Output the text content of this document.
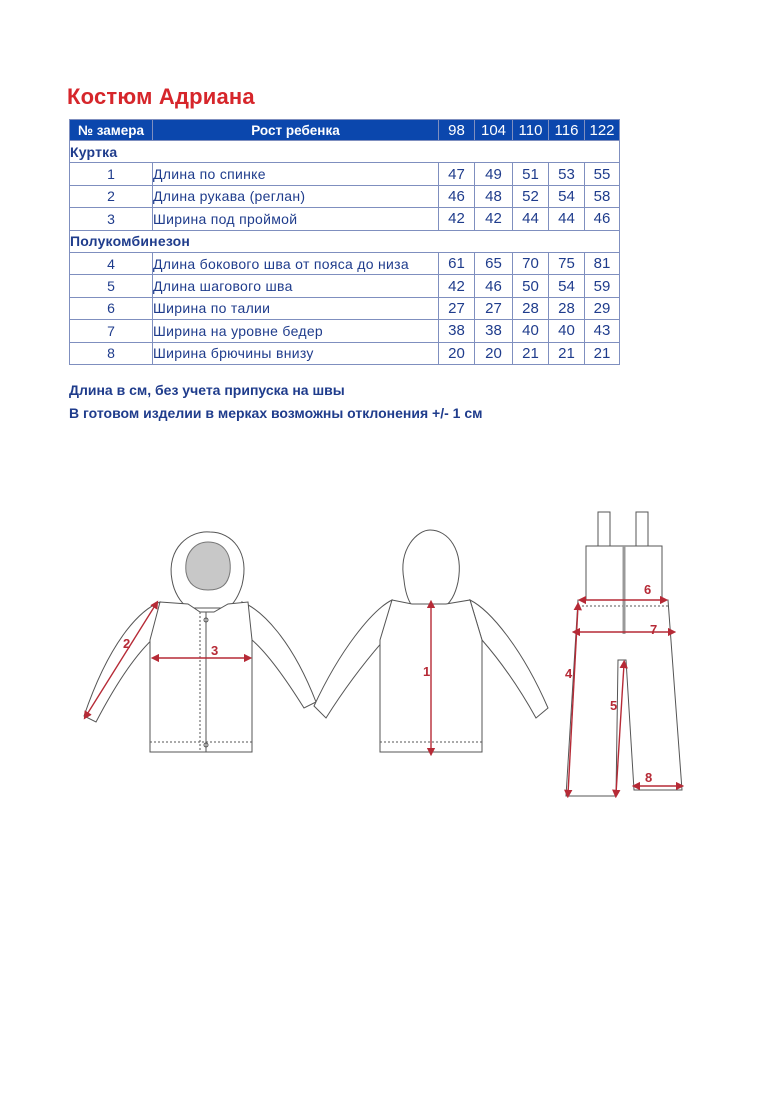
Костюм Адриана
№ замера	Рост ребенка	98	104	110	116	122
Куртка						
1	Длина по спинке	47	49	51	53	55
2	Длина рукава (реглан)	46	48	52	54	58
3	Ширина под проймой	42	42	44	44	46
Полукомбинезон						
4	Длина бокового шва от пояса до низа	61	65	70	75	81
5	Длина шагового шва	42	46	50	54	59
6	Ширина по талии	27	27	28	28	29
7	Ширина на уровне бедер	38	38	40	40	43
8	Ширина брючины внизу	20	20	21	21	21
Длина в см, без учета припуска на швы
В готовом изделии в мерках возможны отклонения +/- 1 см
2	3
1
6
7
4
5
8
